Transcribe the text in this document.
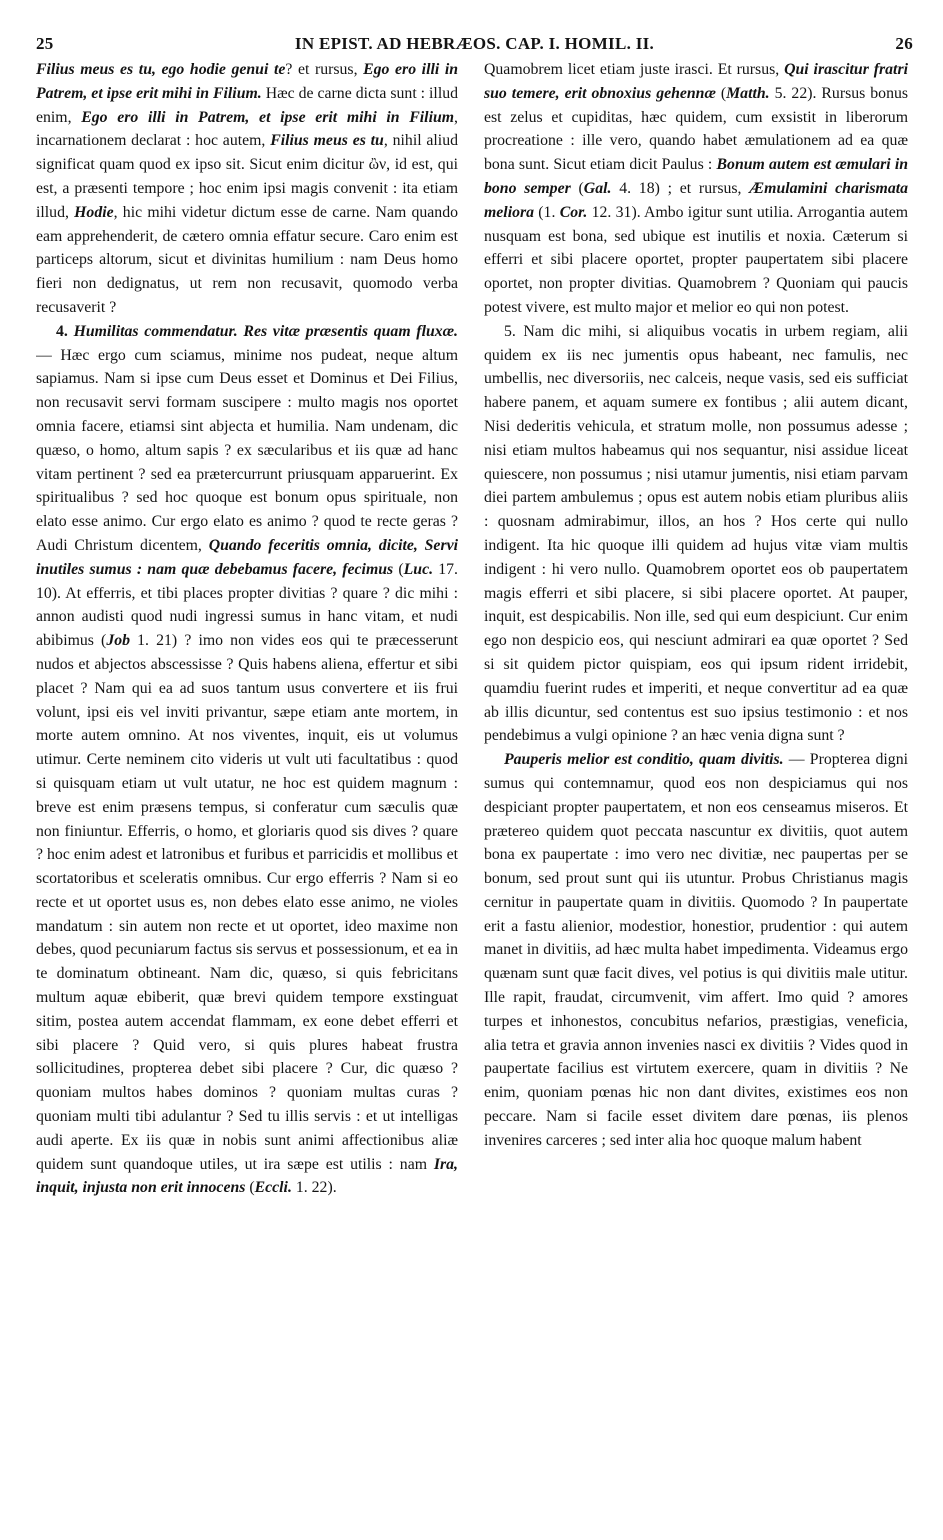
25	IN EPIST. AD HEBRÆOS. CAP. I. HOMIL. II.	26

Filius meus es tu, ego hodie genui te? et rursus, Ego ero illi in Patrem, et ipse erit mihi in Filium. Hæc de carne dicta sunt : illud enim, Ego ero illi in Patrem, et ipse erit mihi in Filium, incarnationem declarat : hoc autem, Filius meus es tu, nihil aliud significat quam quod ex ipso sit. Sicut enim dicitur ὢν, id est, qui est, a præsenti tempore ; hoc enim ipsi magis convenit : ita etiam illud, Hodie, hic mihi videtur dictum esse de carne. Nam quando eam apprehenderit, de cætero omnia effatur secure. Caro enim est particeps altorum, sicut et divinitas humilium : nam Deus homo fieri non dedignatus, ut rem non recusavit, quomodo verba recusaverit ?

4. Humilitas commendatur. Res vitæ præsentis quam fluxæ. — Hæc ergo cum sciamus, minime nos pudeat, neque altum sapiamus. Nam si ipse cum Deus esset et Dominus et Dei Filius, non recusavit servi formam suscipere : multo magis nos oportet omnia facere, etiamsi sint abjecta et humilia. Nam undenam, dic quæso, o homo, altum sapis ? ex sæcularibus et iis quæ ad hanc vitam pertinent ? sed ea prætercurrunt priusquam apparuerint. Ex spiritualibus ? sed hoc quoque est bonum opus spirituale, non elato esse animo. Cur ergo elato es animo ? quod te recte geras ? Audi Christum dicentem, Quando feceritis omnia, dicite, Servi inutiles sumus : nam quæ debebamus facere, fecimus (Luc. 17. 10). At efferris, et tibi places propter divitias ? quare ? dic mihi : annon audisti quod nudi ingressi sumus in hanc vitam, et nudi abibimus (Job 1. 21) ? imo non vides eos qui te præcesserunt nudos et abjectos abscessisse ? Quis habens aliena, effertur et sibi placet ? Nam qui ea ad suos tantum usus convertere et iis frui volunt, ipsi eis vel inviti privantur, sæpe etiam ante mortem, in morte autem omnino. At nos viventes, inquit, eis ut volumus utimur. Certe neminem cito videris ut vult uti facultatibus : quod si quisquam etiam ut vult utatur, ne hoc est quidem magnum : breve est enim præsens tempus, si conferatur cum sæculis quæ non finiuntur. Efferris, o homo, et gloriaris quod sis dives ? quare ? hoc enim adest et latronibus et furibus et parricidis et mollibus et scortatoribus et sceleratis omnibus. Cur ergo efferris ? Nam si eo recte et ut oportet usus es, non debes elato esse animo, ne violes mandatum : sin autem non recte et ut oportet, ideo maxime non debes, quod pecuniarum factus sis servus et possessionum, et ea in te dominatum obtineant. Nam dic, quæso, si quis febricitans multum aquæ ebiberit, quæ brevi quidem tempore exstinguat sitim, postea autem accendat flammam, ex eone debet efferri et sibi placere ? Quid vero, si quis plures habeat frustra sollicitudines, propterea debet sibi placere ? Cur, dic quæso ? quoniam multos habes dominos ? quoniam multas curas ? quoniam multi tibi adulantur ? Sed tu illis servis : et ut intelligas audi aperte. Ex iis quæ in nobis sunt animi affectionibus aliæ quidem sunt quandoque utiles, ut ira sæpe est utilis : nam Ira, inquit, injusta non erit innocens (Eccli. 1. 22).

Quamobrem licet etiam juste irasci. Et rursus, Qui irascitur fratri suo temere, erit obnoxius gehennæ (Matth. 5. 22). Rursus bonus est zelus et cupiditas, hæc quidem, cum exsistit in liberorum procreatione : ille vero, quando habet æmulationem ad ea quæ bona sunt. Sicut etiam dicit Paulus : Bonum autem est æmulari in bono semper (Gal. 4. 18) ; et rursus, Æmulamini charismata meliora (1. Cor. 12. 31). Ambo igitur sunt utilia. Arrogantia autem nusquam est bona, sed ubique est inutilis et noxia. Cæterum si efferri et sibi placere oportet, propter paupertatem sibi placere oportet, non propter divitias. Quamobrem ? Quoniam qui paucis potest vivere, est multo major et melior eo qui non potest.

5. Nam dic mihi, si aliquibus vocatis in urbem regiam, alii quidem ex iis nec jumentis opus habeant, nec famulis, nec umbellis, nec diversoriis, nec calceis, neque vasis, sed eis sufficiat habere panem, et aquam sumere ex fontibus ; alii autem dicant, Nisi dederitis vehicula, et stratum molle, non possumus adesse ; nisi etiam multos habeamus qui nos sequantur, nisi assidue liceat quiescere, non possumus ; nisi utamur jumentis, nisi etiam parvam diei partem ambulemus ; opus est autem nobis etiam pluribus aliis : quosnam admirabimur, illos, an hos ? Hos certe qui nullo indigent. Ita hic quoque illi quidem ad hujus vitæ viam multis indigent : hi vero nullo. Quamobrem oportet eos ob paupertatem magis efferri et sibi placere, si sibi placere oportet. At pauper, inquit, est despicabilis. Non ille, sed qui eum despiciunt. Cur enim ego non despicio eos, qui nesciunt admirari ea quæ oportet ? Sed si sit quidem pictor quispiam, eos qui ipsum rident irridebit, quamdiu fuerint rudes et imperiti, et neque convertitur ad ea quæ ab illis dicuntur, sed contentus est suo ipsius testimonio : et nos pendebimus a vulgi opinione ? an hæc venia digna sunt ?

Pauperis melior est conditio, quam divitis. — Propterea digni sumus qui contemnamur, quod eos non despiciamus qui nos despiciant propter paupertatem, et non eos censeamus miseros. Et prætereo quidem quot peccata nascuntur ex divitiis, quot autem bona ex paupertate : imo vero nec divitiæ, nec paupertas per se bonum, sed prout sunt qui iis utuntur. Probus Christianus magis cernitur in paupertate quam in divitiis. Quomodo ? In paupertate erit a fastu alienior, modestior, honestior, prudentior : qui autem manet in divitiis, ad hæc multa habet impedimenta. Videamus ergo quænam sunt quæ facit dives, vel potius is qui divitiis male utitur. Ille rapit, fraudat, circumvenit, vim affert. Imo quid ? amores turpes et inhonestos, concubitus nefarios, præstigias, veneficia, alia tetra et gravia annon invenies nasci ex divitiis ? Vides quod in paupertate facilius est virtutem exercere, quam in divitiis ? Ne enim, quoniam pœnas hic non dant divites, existimes eos non peccare. Nam si facile esset divitem dare pœnas, iis plenos invenires carceres ; sed inter alia hoc quoque malum habent
